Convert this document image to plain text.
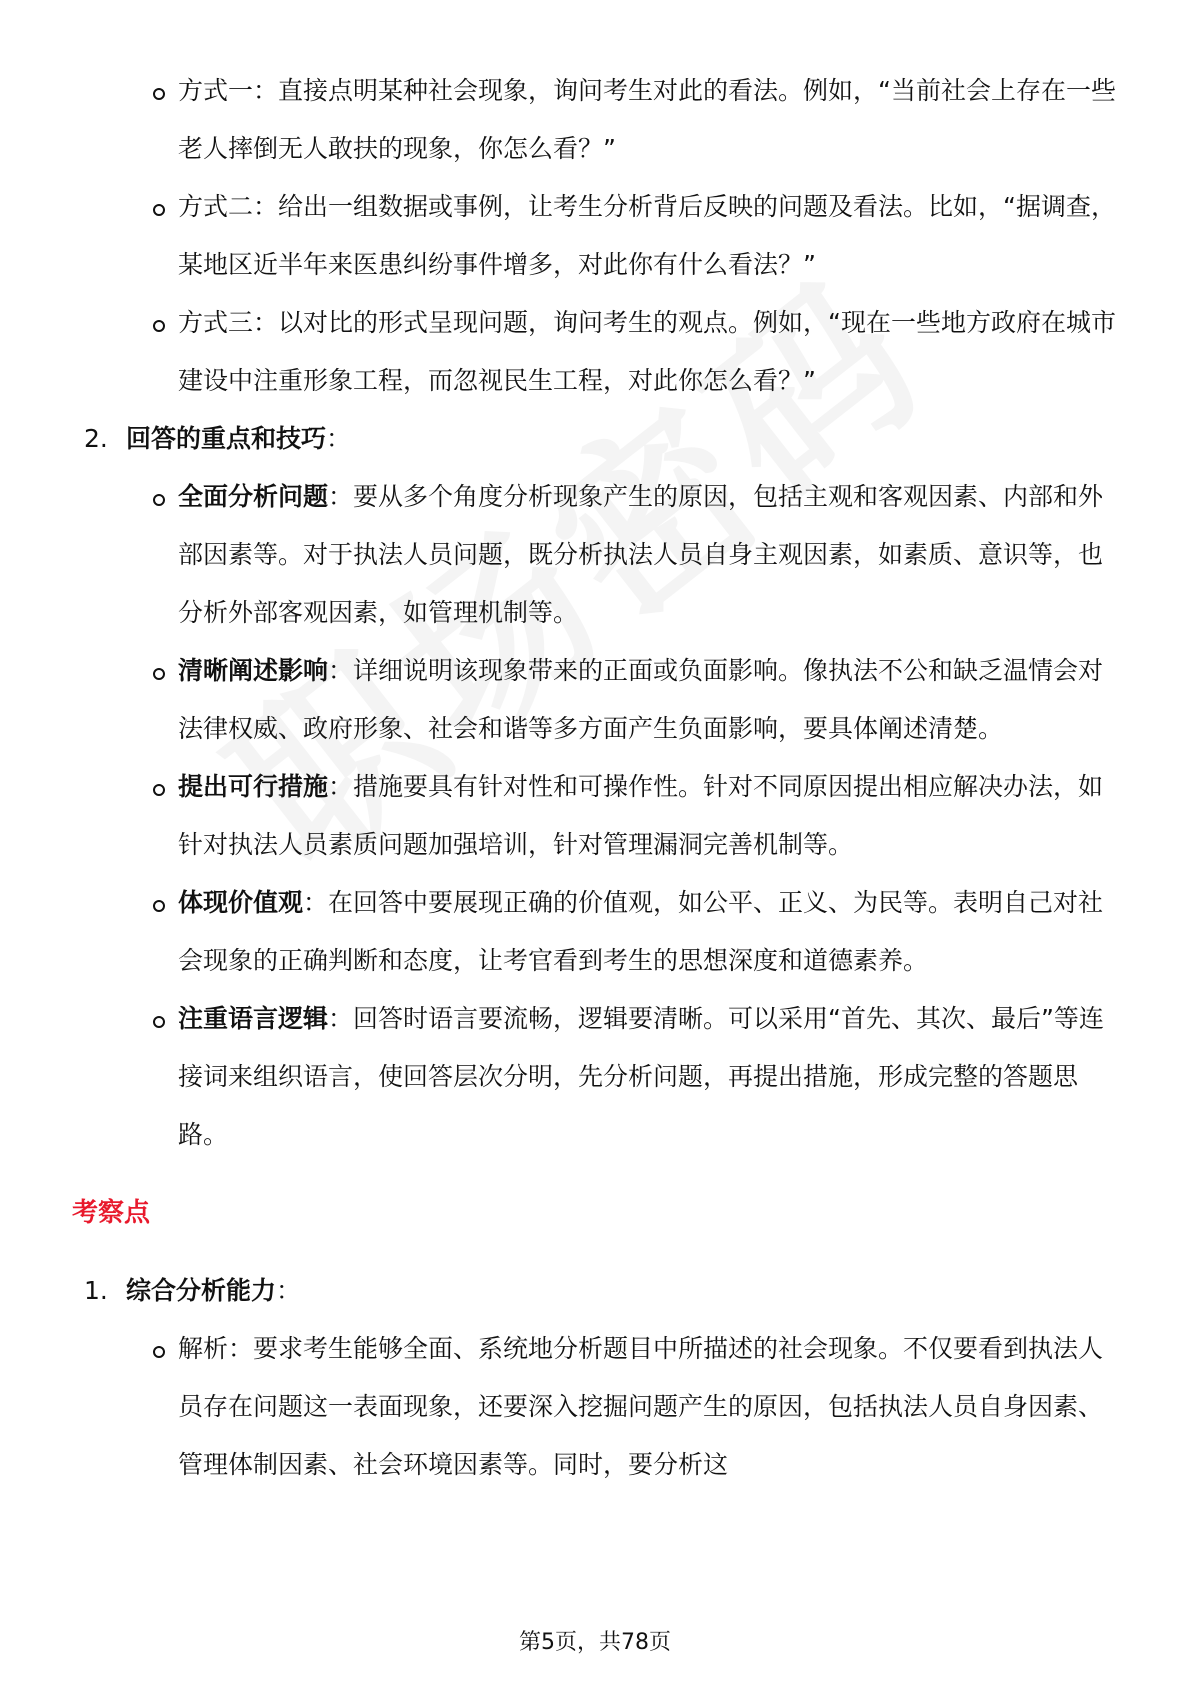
方式一：直接点明某种社会现象，询问考生对此的看法。例如，“当前社会上存在一些老人摔倒无人敢扶的现象，你怎么看？”
方式二：给出一组数据或事例，让考生分析背后反映的问题及看法。比如，“据调查，某地区近半年来医患纠纷事件增多，对此你有什么看法？”
方式三：以对比的形式呈现问题，询问考生的观点。例如，“现在一些地方政府在城市建设中注重形象工程，而忽视民生工程，对此你怎么看？”
2. 回答的重点和技巧：
全面分析问题：要从多个角度分析现象产生的原因，包括主观和客观因素、内部和外部因素等。对于执法人员问题，既分析执法人员自身主观因素，如素质、意识等，也分析外部客观因素，如管理机制等。
清晰阐述影响：详细说明该现象带来的正面或负面影响。像执法不公和缺乏温情会对法律权威、政府形象、社会和谐等多方面产生负面影响，要具体阐述清楚。
提出可行措施：措施要具有针对性和可操作性。针对不同原因提出相应解决办法，如针对执法人员素质问题加强培训，针对管理漏洞完善机制等。
体现价值观：在回答中要展现正确的价值观，如公平、正义、为民等。表明自己对社会现象的正确判断和态度，让考官看到考生的思想深度和道德素养。
注重语言逻辑：回答时语言要流畅，逻辑要清晰。可以采用“首先、其次、最后”等连接词来组织语言，使回答层次分明，先分析问题，再提出措施，形成完整的答题思路。
考察点
1. 综合分析能力：
解析：要求考生能够全面、系统地分析题目中所描述的社会现象。不仅要看到执法人员存在问题这一表面现象，还要深入挖掘问题产生的原因，包括执法人员自身因素、管理体制因素、社会环境因素等。同时，要分析这
第5页，共78页
